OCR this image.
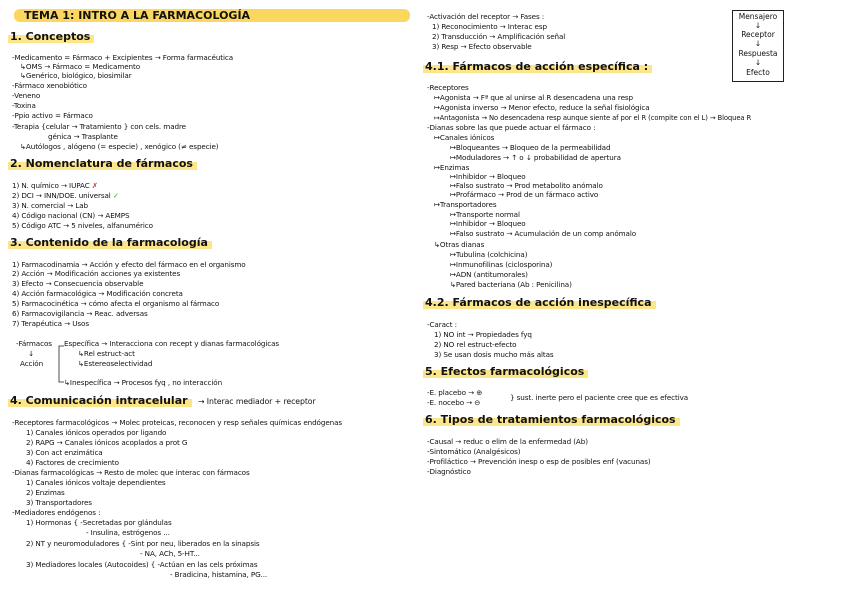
TEMA 1: INTRO A LA FARMACOLOGÍA
1. Conceptos
-Medicamento = Fármaco + Excipientes → Forma farmacéutica
↳OMS → Fármaco = Medicamento
↳Genérico, biológico, biosimilar
-Fármaco xenobiótico
-Veneno
-Toxina
-Ppio activo = Fármaco
-Terapia {celular → Tratamiento } con cels. madre
génica → Trasplante
↳Autólogos , alógeno (= especie) , xenógico (≠ especie)
2. Nomenclatura de fármacos
1) N. químico → IUPAC ✗
2) DCI → INN/DOE. universal ✓
3) N. comercial → Lab
4) Código nacional (CN) → AEMPS
5) Código ATC → 5 niveles, alfanumérico
3. Contenido de la farmacología
1) Farmacodinamia → Acción y efecto del fármaco en el organismo
2) Acción → Modificación acciones ya existentes
3) Efecto → Consecuencia observable
4) Acción farmacológica → Modificación concreta
5) Farmacocinética → cómo afecta el organismo al fármaco
6) Farmacovigilancia → Reac. adversas
7) Terapéutica → Usos
-Fármacos
↓
Acción
Específica → Interacciona con recept y dianas farmacológicas
↳Rel estruct-act
↳Estereoselectividad
↳Inespecífica → Procesos fyq , no interacción
4. Comunicación intracelular	→ Interac mediador + receptor
-Receptores farmacológicos → Molec proteicas, reconocen y resp señales químicas endógenas
1) Canales iónicos operados por ligando
2) RAPG → Canales iónicos acoplados a prot G
3) Con act enzimática
4) Factores de crecimiento
-Dianas farmacológicas → Resto de molec que interac con fármacos
1) Canales iónicos voltaje dependientes
2) Enzimas
3) Transportadores
-Mediadores endógenos :
1) Hormonas { -Secretadas por glándulas
- Insulina, estrógenos ...
2) NT y neuromoduladores { -Sint por neu, liberados en la sinapsis
- NA, ACh, 5-HT...
3) Mediadores locales (Autocoides) { -Actúan en las cels próximas
- Bradicina, histamina, PG...
-Activación del receptor → Fases :
1) Reconocimiento → Interac esp
2) Transducción → Amplificación señal
3) Resp → Efecto observable
Mensajero
↓
Receptor
↓
Respuesta
↓
Efecto
4.1. Fármacos de acción específica :
-Receptores
↦Agonista → Fª que al unirse al R desencadena una resp
↦Agonista inverso → Menor efecto, reduce la señal fisiológica
↦Antagonista → No desencadena resp aunque siente af por el R (compite con el L) → Bloquea R
-Dianas sobre las que puede actuar el fármaco :
↦Canales iónicos
↦Bloqueantes → Bloqueo de la permeabilidad
↦Moduladores → ↑ o ↓ probabilidad de apertura
↦Enzimas
↦Inhibidor → Bloqueo
↦Falso sustrato → Prod metabolito anómalo
↦Profármaco → Prod de un fármaco activo
↦Transportadores
↦Transporte normal
↦Inhibidor → Bloqueo
↦Falso sustrato → Acumulación de un comp anómalo
↳Otras dianas
↦Tubulina (colchicina)
↦Inmunofilinas (ciclosporina)
↦ADN (antitumorales)
↳Pared bacteriana (Ab : Penicilina)
4.2. Fármacos de acción inespecífica
-Caract :
1) NO int → Propiedades fyq
2) NO rel estruct-efecto
3) Se usan dosis mucho más altas
5. Efectos farmacológicos
-E. placebo → ⊕
-E. nocebo → ⊖
} sust. inerte pero el paciente cree que es efectiva
6. Tipos de tratamientos farmacológicos
-Causal → reduc o elim de la enfermedad (Ab)
-Sintomático (Analgésicos)
-Profiláctico → Prevención inesp o esp de posibles enf (vacunas)
-Diagnóstico
